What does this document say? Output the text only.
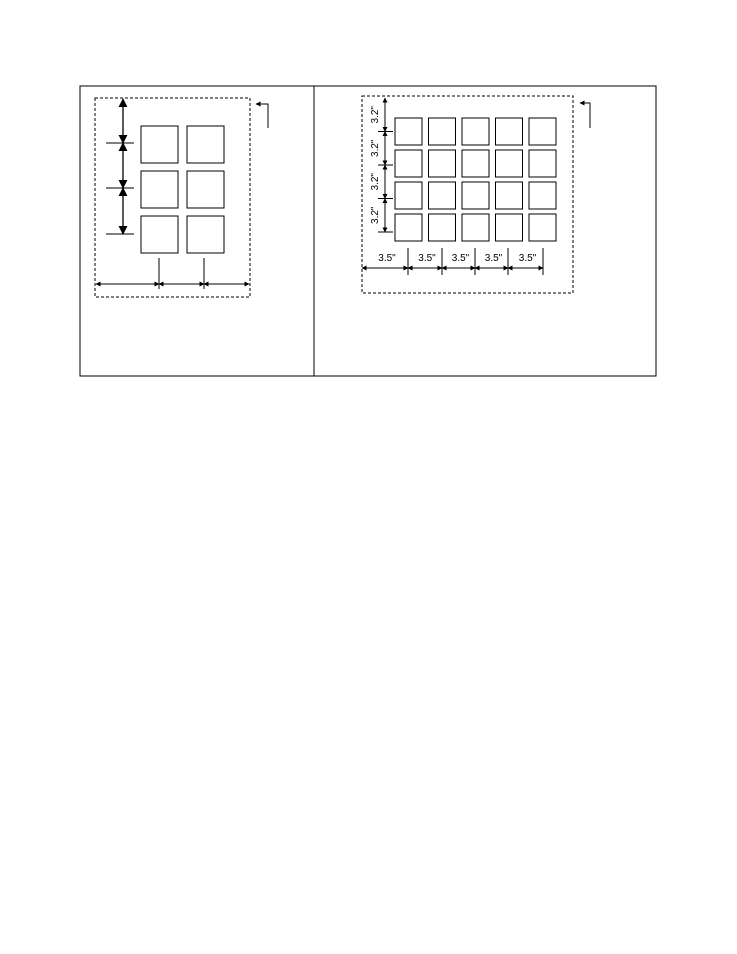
3.2"
3.2"
3.2"
3.2"
3.5" 3.5" 3.5" 3.5" 3.5"
